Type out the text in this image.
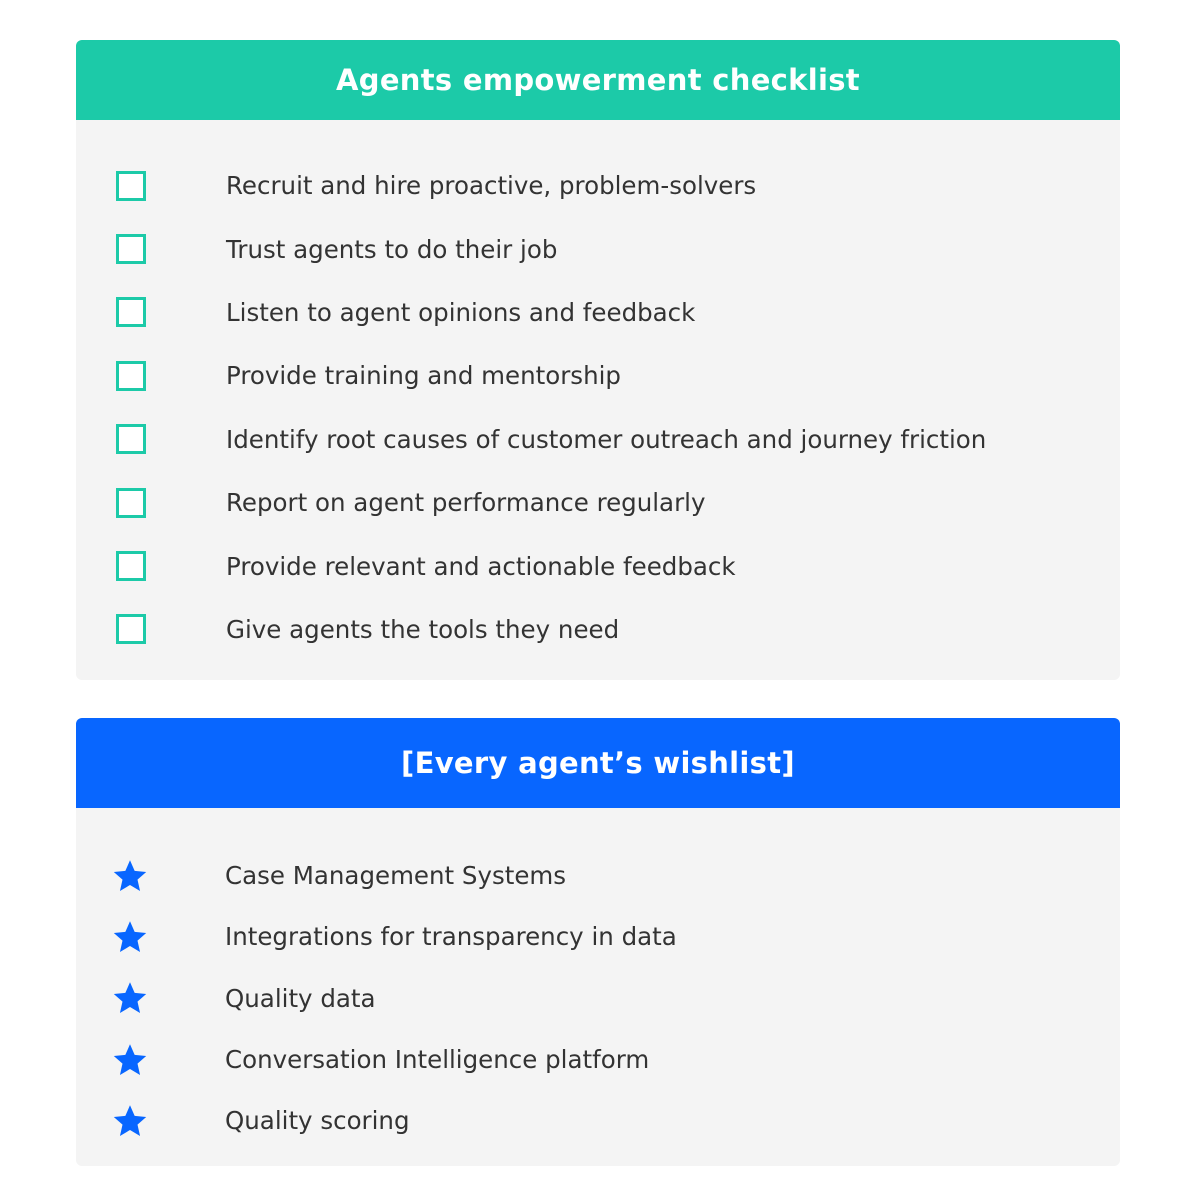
Agents empowerment checklist
Recruit and hire proactive, problem-solvers
Trust agents to do their job
Listen to agent opinions and feedback
Provide training and mentorship
Identify root causes of customer outreach and journey friction
Report on agent performance regularly
Provide relevant and actionable feedback
Give agents the tools they need
[Every agent’s wishlist]
Case Management Systems
Integrations for transparency in data
Quality data
Conversation Intelligence platform
Quality scoring
